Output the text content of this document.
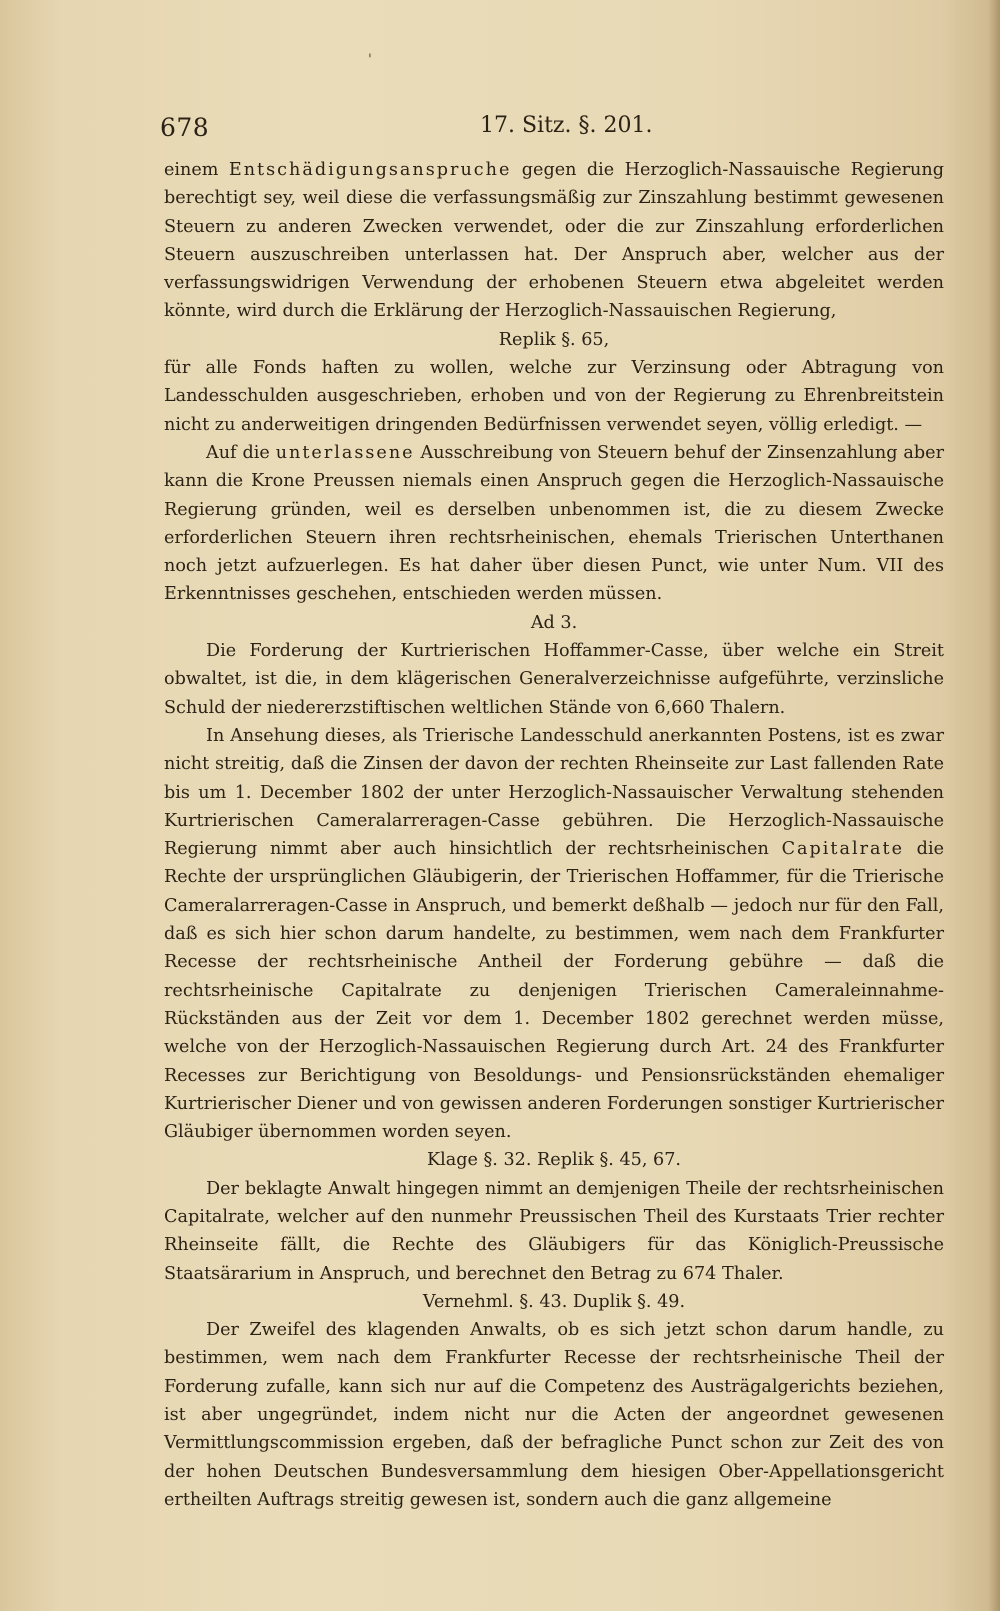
'
678	17. Sitz. §. 201.

einem Entschädigungsanspruche gegen die Herzoglich-Nassauische Regierung berechtigt sey, weil diese die verfassungsmäßig zur Zinszahlung bestimmt gewesenen Steuern zu anderen Zwecken verwendet, oder die zur Zinszahlung erforderlichen Steuern auszuschreiben unterlassen hat. Der Anspruch aber, welcher aus der verfassungswidrigen Verwendung der erhobenen Steuern etwa abgeleitet werden könnte, wird durch die Erklärung der Herzoglich-Nassauischen Regierung,

Replik §. 65,

für alle Fonds haften zu wollen, welche zur Verzinsung oder Abtragung von Landesschulden ausgeschrieben, erhoben und von der Regierung zu Ehrenbreitstein nicht zu anderweitigen dringenden Bedürfnissen verwendet seyen, völlig erledigt. —

Auf die unterlassene Ausschreibung von Steuern behuf der Zinsenzahlung aber kann die Krone Preussen niemals einen Anspruch gegen die Herzoglich-Nassauische Regierung gründen, weil es derselben unbenommen ist, die zu diesem Zwecke erforderlichen Steuern ihren rechtsrheinischen, ehemals Trierischen Unterthanen noch jetzt aufzuerlegen. Es hat daher über diesen Punct, wie unter Num. VII des Erkenntnisses geschehen, entschieden werden müssen.

Ad 3.

Die Forderung der Kurtrierischen Hoffammer-Casse, über welche ein Streit obwaltet, ist die, in dem klägerischen Generalverzeichnisse aufgeführte, verzinsliche Schuld der niedererzstiftischen weltlichen Stände von 6,660 Thalern.

In Ansehung dieses, als Trierische Landesschuld anerkannten Postens, ist es zwar nicht streitig, daß die Zinsen der davon der rechten Rheinseite zur Last fallenden Rate bis um 1. December 1802 der unter Herzoglich-Nassauischer Verwaltung stehenden Kurtrierischen Cameralarreragen-Casse gebühren. Die Herzoglich-Nassauische Regierung nimmt aber auch hinsichtlich der rechtsrheinischen Capitalrate die Rechte der ursprünglichen Gläubigerin, der Trierischen Hoffammer, für die Trierische Cameralarreragen-Casse in Anspruch, und bemerkt deßhalb — jedoch nur für den Fall, daß es sich hier schon darum handelte, zu bestimmen, wem nach dem Frankfurter Recesse der rechtsrheinische Antheil der Forderung gebühre — daß die rechtsrheinische Capitalrate zu denjenigen Trierischen Cameraleinnahme-Rückständen aus der Zeit vor dem 1. December 1802 gerechnet werden müsse, welche von der Herzoglich-Nassauischen Regierung durch Art. 24 des Frankfurter Recesses zur Berichtigung von Besoldungs- und Pensionsrückständen ehemaliger Kurtrierischer Diener und von gewissen anderen Forderungen sonstiger Kurtrierischer Gläubiger übernommen worden seyen.

Klage §. 32. Replik §. 45, 67.

Der beklagte Anwalt hingegen nimmt an demjenigen Theile der rechtsrheinischen Capitalrate, welcher auf den nunmehr Preussischen Theil des Kurstaats Trier rechter Rheinseite fällt, die Rechte des Gläubigers für das Königlich-Preussische Staatsärarium in Anspruch, und berechnet den Betrag zu 674 Thaler.

Vernehml. §. 43. Duplik §. 49.

Der Zweifel des klagenden Anwalts, ob es sich jetzt schon darum handle, zu bestimmen, wem nach dem Frankfurter Recesse der rechtsrheinische Theil der Forderung zufalle, kann sich nur auf die Competenz des Austrägalgerichts beziehen, ist aber ungegründet, indem nicht nur die Acten der angeordnet gewesenen Vermittlungscommission ergeben, daß der befragliche Punct schon zur Zeit des von der hohen Deutschen Bundesversammlung dem hiesigen Ober-Appellationsgericht ertheilten Auftrags streitig gewesen ist, sondern auch die ganz allgemeine
